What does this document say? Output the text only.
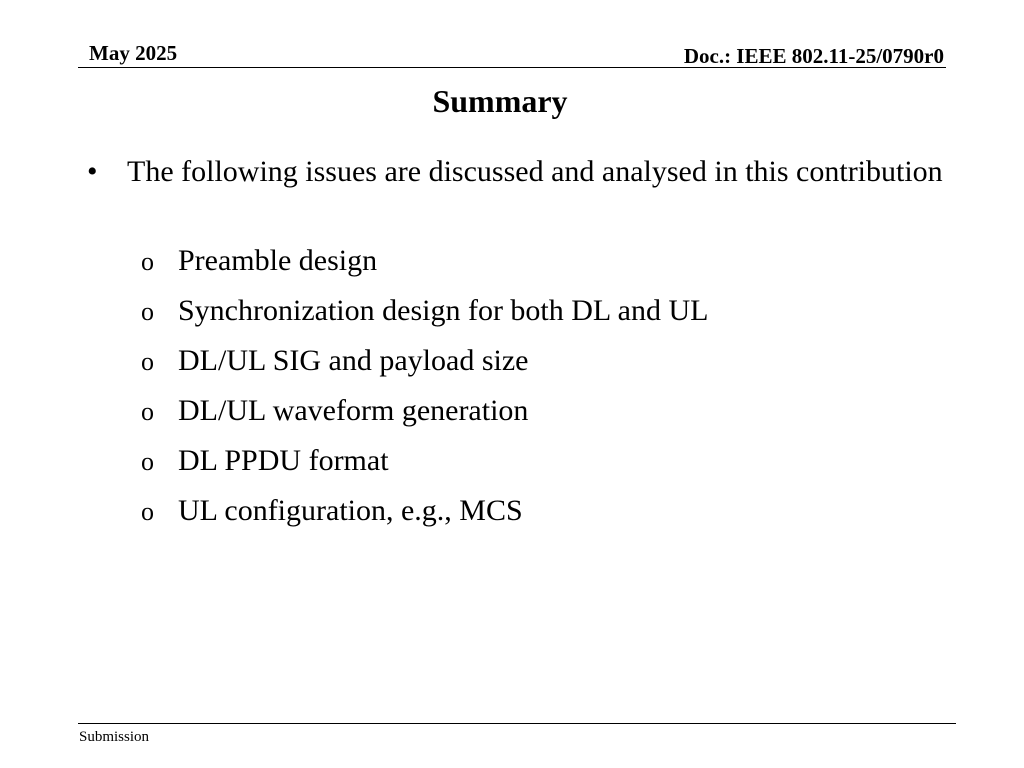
May 2025	Doc.: IEEE 802.11-25/0790r0
Summary
• The following issues are discussed and analysed in this contribution
o Preamble design
o Synchronization design for both DL and UL
o DL/UL SIG and payload size
o DL/UL waveform generation
o DL PPDU format
o UL configuration, e.g., MCS
Submission
